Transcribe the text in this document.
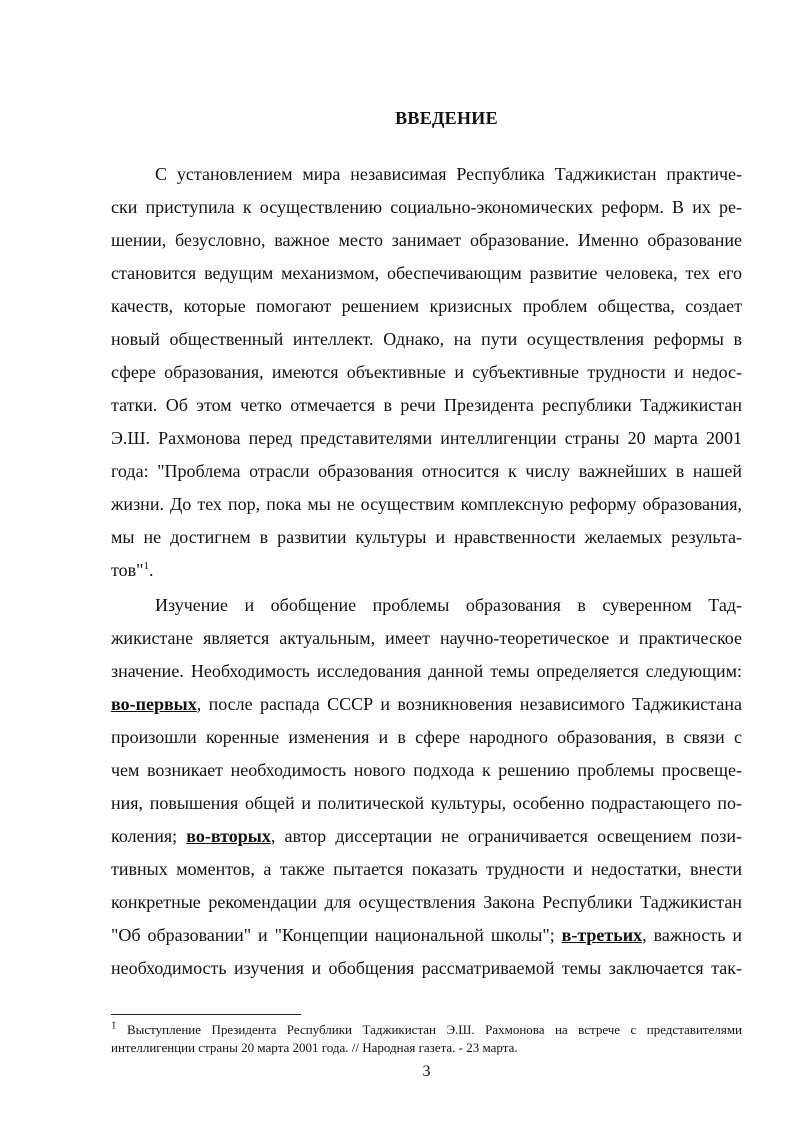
ВВЕДЕНИЕ
С установлением мира независимая Республика Таджикистан практиче-
ски приступила к осуществлению социально-экономических реформ. В их ре-
шении, безусловно, важное место занимает образование. Именно образование
становится ведущим механизмом, обеспечивающим развитие человека, тех его
качеств, которые помогают решением кризисных проблем общества, создает
новый общественный интеллект. Однако, на пути осуществления реформы в
сфере образования, имеются объективные и субъективные трудности и недос-
татки. Об этом четко отмечается в речи Президента республики Таджикистан
Э.Ш. Рахмонова перед представителями интеллигенции страны 20 марта 2001
года: "Проблема отрасли образования относится к числу важнейших в нашей
жизни. До тех пор, пока мы не осуществим комплексную реформу образования,
мы не достигнем в развитии культуры и нравственности желаемых результа-
тов"$^1$.
Изучение и обобщение проблемы образования в суверенном Тад-
жикистане является актуальным, имеет научно-теоретическое и практическое
значение. Необходимость исследования данной темы определяется следующим:
во-первых, после распада СССР и возникновения независимого Таджикистана
произошли коренные изменения и в сфере народного образования, в связи с
чем возникает необходимость нового подхода к решению проблемы просвеще-
ния, повышения общей и политической культуры, особенно подрастающего по-
коления; во-вторых, автор диссертации не ограничивается освещением пози-
тивных моментов, а также пытается показать трудности и недостатки, внести
конкретные рекомендации для осуществления Закона Республики Таджикистан
"Об образовании" и "Концепции национальной школы"; в-третьих, важность и
необходимость изучения и обобщения рассматриваемой темы заключается так-
$^1$ Выступление Президента Республики Таджикистан Э.Ш. Рахмонова на встрече с представителями
интеллигенции страны 20 марта 2001 года. // Народная газета. - 23 марта.
3
